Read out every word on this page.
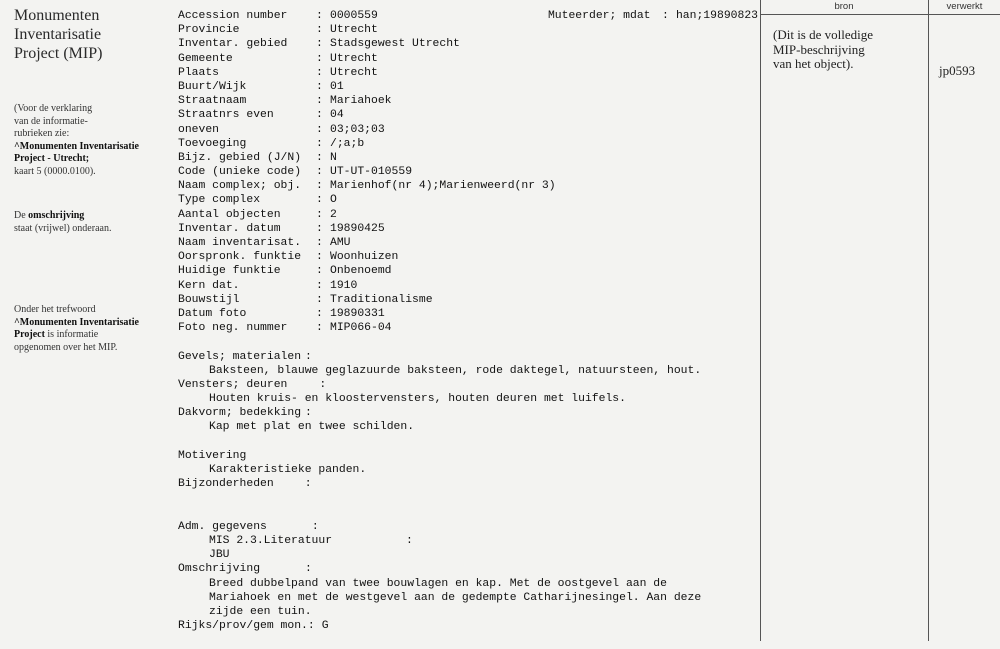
Monumenten
Inventarisatie
Project (MIP)
(Voor de verklaring
van de informatie-
rubrieken zie:
^Monumenten Inventarisatie
Project - Utrecht;
kaart 5 (0000.0100).
De omschrijving
staat (vrijwel) onderaan.
Onder het trefwoord
^Monumenten Inventarisatie
Project is informatie
opgenomen over het MIP.
Accession number	: 0000559	Muteerder; mdat	: han;19890823
Provincie	: Utrecht
Inventar. gebied	: Stadsgewest Utrecht
Gemeente	: Utrecht
Plaats	: Utrecht
Buurt/Wijk	: 01
Straatnaam	: Mariahoek
Straatnrs even	: 04
oneven	: 03;03;03
Toevoeging	: /;a;b
Bijz. gebied (J/N)	: N
Code (unieke code)	: UT-UT-010559
Naam complex; obj.	: Marienhof(nr 4);Marienweerd(nr 3)
Type complex	: O
Aantal objecten	: 2
Inventar. datum	: 19890425
Naam inventarisat.	: AMU
Oorspronk. funktie	: Woonhuizen
Huidige funktie	: Onbenoemd
Kern dat.	: 1910
Bouwstijl	: Traditionalisme
Datum foto	: 19890331
Foto neg. nummer	: MIP066-04
Gevels; materialen :
Baksteen, blauwe geglazuurde baksteen, rode daktegel, natuursteen, hout.
Vensters; deuren	:
Houten kruis- en kloostervensters, houten deuren met luifels.
Dakvorm; bedekking :
Kap met plat en twee schilden.
Motivering
Karakteristieke panden.
Bijzonderheden	:
Adm. gegevens	:
MIS 2.3.Literatuur	:
JBU
Omschrijving	:
Breed dubbelpand van twee bouwlagen en kap. Met de oostgevel aan de
Mariahoek en met de westgevel aan de gedempte Catharijnesingel. Aan deze
zijde een tuin.
Rijks/prov/gem mon.: G
bron	verwerkt
(Dit is de volledige
MIP-beschrijving
van het object).	jp0593
